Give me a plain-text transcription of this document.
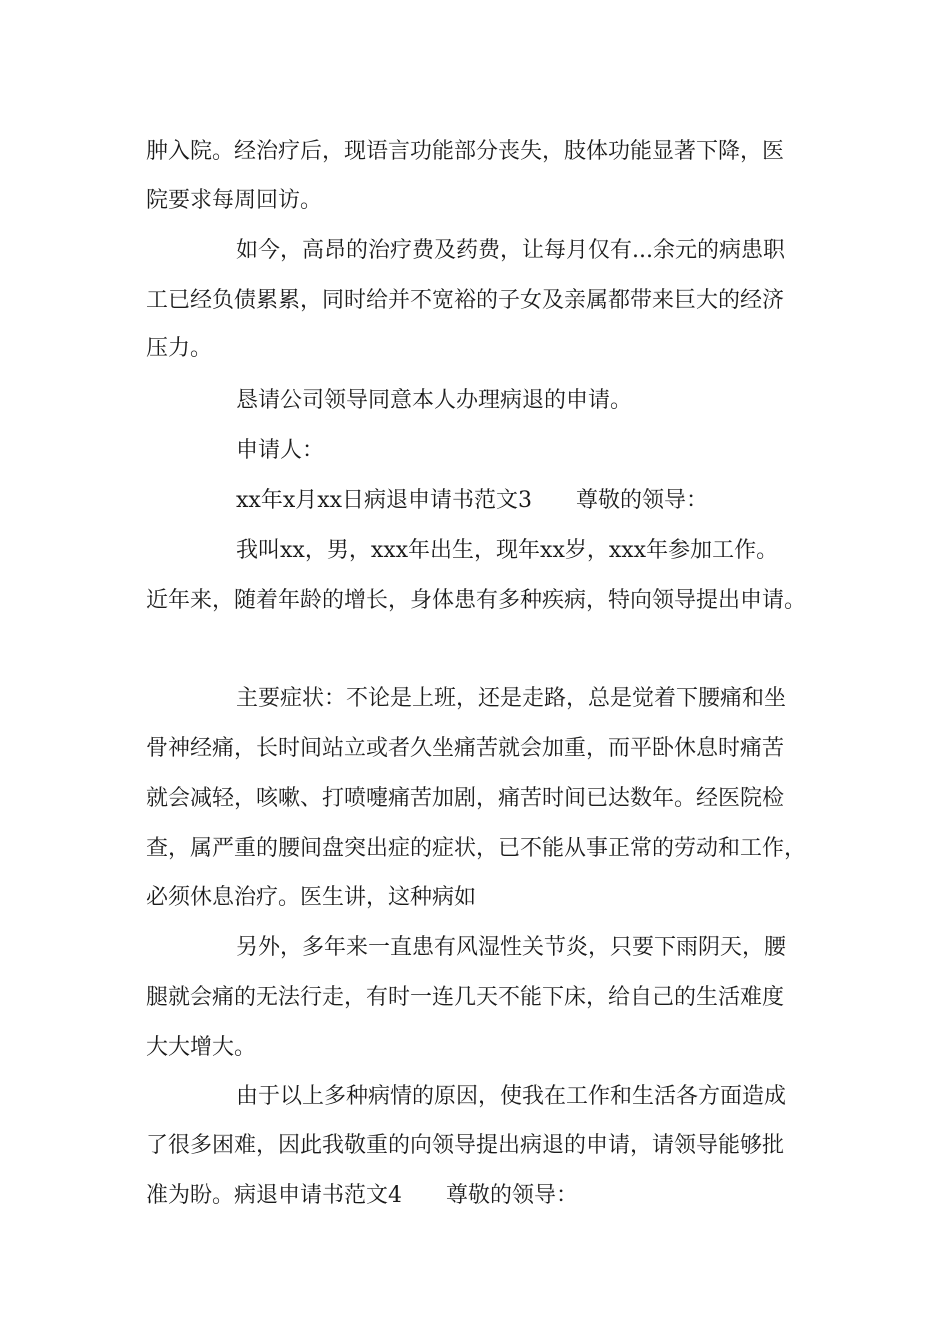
肿入院。经治疗后，现语言功能部分丧失，肢体功能显著下降，医

院要求每周回访。

如今，高昂的治疗费及药费，让每月仅有...余元的病患职

工已经负债累累，同时给并不宽裕的子女及亲属都带来巨大的经济

压力。

恳请公司领导同意本人办理病退的申请。

申请人：

xx年x月xx日病退申请书范文3　　尊敬的领导：

我叫xx，男，xxx年出生，现年xx岁，xxx年参加工作。

近年来，随着年龄的增长，身体患有多种疾病，特向领导提出申请。

主要症状：不论是上班，还是走路，总是觉着下腰痛和坐

骨神经痛，长时间站立或者久坐痛苦就会加重，而平卧休息时痛苦

就会减轻，咳嗽、打喷嚏痛苦加剧，痛苦时间已达数年。经医院检

查，属严重的腰间盘突出症的症状，已不能从事正常的劳动和工作，

必须休息治疗。医生讲，这种病如

另外，多年来一直患有风湿性关节炎，只要下雨阴天，腰

腿就会痛的无法行走，有时一连几天不能下床，给自己的生活难度

大大增大。

由于以上多种病情的原因，使我在工作和生活各方面造成

了很多困难，因此我敬重的向领导提出病退的申请，请领导能够批

准为盼。病退申请书范文4　　尊敬的领导：
